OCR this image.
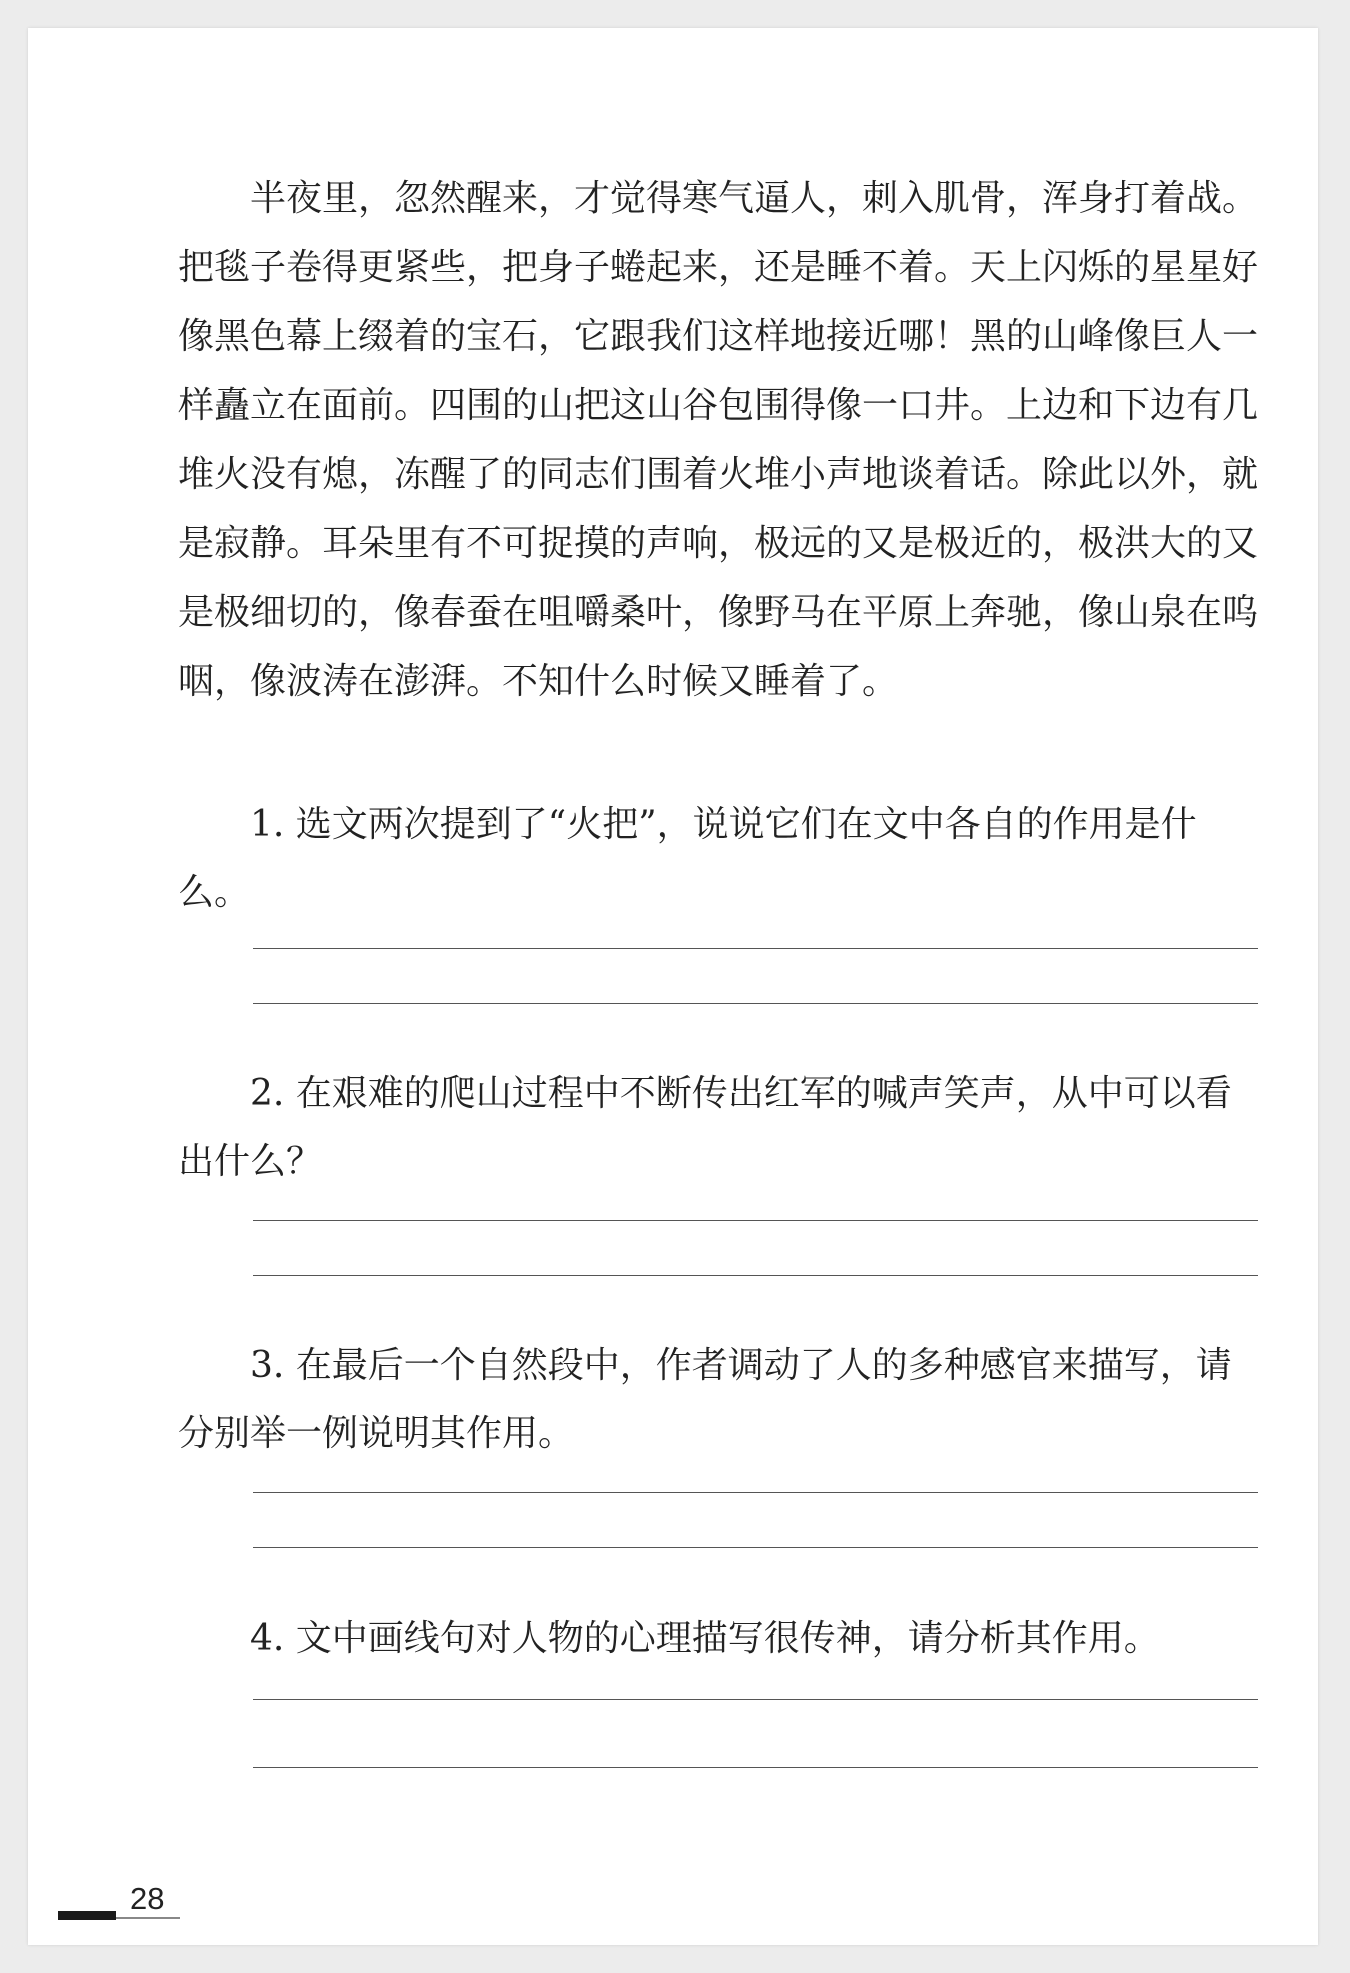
半夜里，忽然醒来，才觉得寒气逼人，刺入肌骨，浑身打着战。把毯子卷得更紧些，把身子蜷起来，还是睡不着。天上闪烁的星星好像黑色幕上缀着的宝石，它跟我们这样地接近哪！黑的山峰像巨人一样矗立在面前。四围的山把这山谷包围得像一口井。上边和下边有几堆火没有熄，冻醒了的同志们围着火堆小声地谈着话。除此以外，就是寂静。耳朵里有不可捉摸的声响，极远的又是极近的，极洪大的又是极细切的，像春蚕在咀嚼桑叶，像野马在平原上奔驰，像山泉在呜咽，像波涛在澎湃。不知什么时候又睡着了。

1. 选文两次提到了“火把”，说说它们在文中各自的作用是什么。

2. 在艰难的爬山过程中不断传出红军的喊声笑声，从中可以看出什么？

3. 在最后一个自然段中，作者调动了人的多种感官来描写，请分别举一例说明其作用。

4. 文中画线句对人物的心理描写很传神，请分析其作用。

28
